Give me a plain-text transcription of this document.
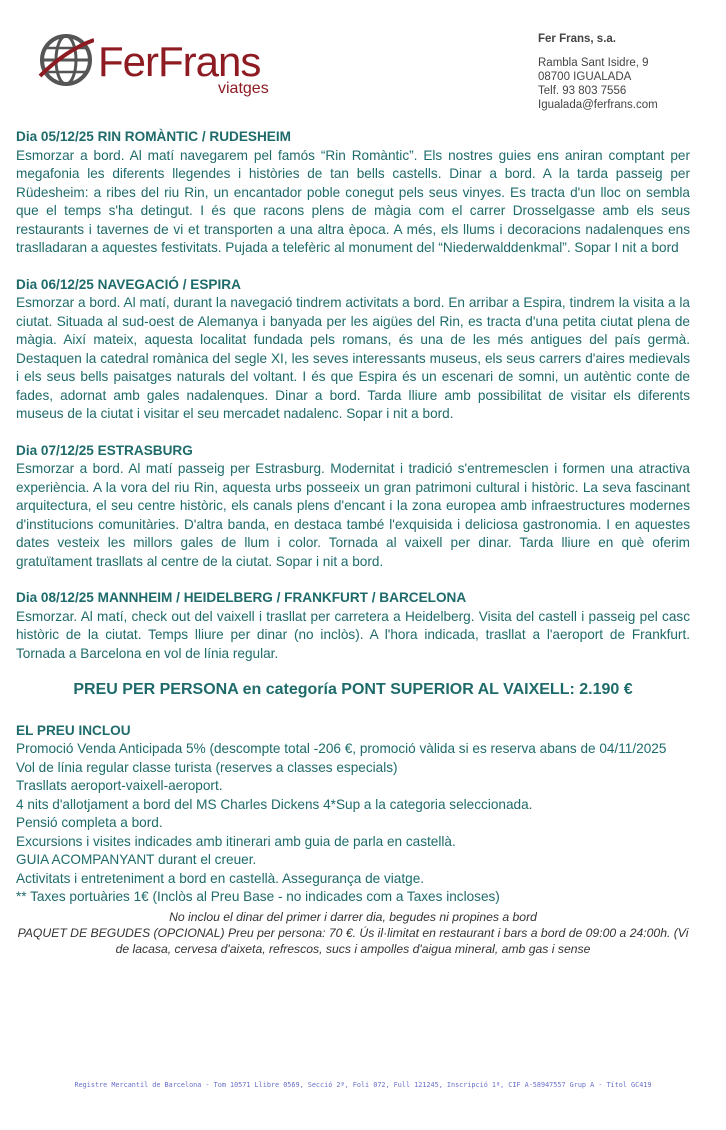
FerFrans
viatges
Fer Frans, s.a.
Rambla Sant Isidre, 9
08700 IGUALADA
Telf. 93 803 7556
Igualada@ferfrans.com
Dia 05/12/25 RIN ROMÀNTIC / RUDESHEIM
Esmorzar a bord. Al matí navegarem pel famós “Rin Romàntic”. Els nostres guies ens aniran comptant per megafonia les diferents llegendes i històries de tan bells castells. Dinar a bord. A la tarda passeig per Rüdesheim: a ribes del riu Rin, un encantador poble conegut pels seus vinyes. Es tracta d'un lloc on sembla que el temps s'ha detingut. I és que racons plens de màgia com el carrer Drosselgasse amb els seus restaurants i tavernes de vi et transporten a una altra època. A més, els llums i decoracions nadalenques ens traslladaran a aquestes festivitats. Pujada a telefèric al monument del “Niederwalddenkmal”. Sopar I nit a bord
Dia 06/12/25 NAVEGACIÓ / ESPIRA
Esmorzar a bord. Al matí, durant la navegació tindrem activitats a bord. En arribar a Espira, tindrem la visita a la ciutat. Situada al sud-oest de Alemanya i banyada per les aigües del Rin, es tracta d'una petita ciutat plena de màgia. Així mateix, aquesta localitat fundada pels romans, és una de les més antigues del país germà. Destaquen la catedral romànica del segle XI, les seves interessants museus, els seus carrers d'aires medievals i els seus bells paisatges naturals del voltant. I és que Espira és un escenari de somni, un autèntic conte de fades, adornat amb gales nadalenques. Dinar a bord. Tarda lliure amb possibilitat de visitar els diferents museus de la ciutat i visitar el seu mercadet nadalenc. Sopar i nit a bord.
Dia 07/12/25 ESTRASBURG
Esmorzar a bord. Al matí passeig per Estrasburg. Modernitat i tradició s'entremesclen i formen una atractiva experiència. A la vora del riu Rin, aquesta urbs posseeix un gran patrimoni cultural i històric. La seva fascinant arquitectura, el seu centre històric, els canals plens d'encant i la zona europea amb infraestructures modernes d'institucions comunitàries. D'altra banda, en destaca també l'exquisida i deliciosa gastronomia. I en aquestes dates vesteix les millors gales de llum i color. Tornada al vaixell per dinar. Tarda lliure en què oferim gratuïtament trasllats al centre de la ciutat. Sopar i nit a bord.
Dia 08/12/25 MANNHEIM / HEIDELBERG / FRANKFURT / BARCELONA
Esmorzar. Al matí, check out del vaixell i trasllat per carretera a Heidelberg. Visita del castell i passeig pel casc històric de la ciutat. Temps lliure per dinar (no inclòs). A l'hora indicada, trasllat a l'aeroport de Frankfurt. Tornada a Barcelona en vol de línia regular.
PREU PER PERSONA en categoría PONT SUPERIOR AL VAIXELL: 2.190 €
EL PREU INCLOU
Promoció Venda Anticipada 5% (descompte total -206 €, promoció vàlida si es reserva abans de 04/11/2025
Vol de línia regular classe turista (reserves a classes especials)
Trasllats aeroport-vaixell-aeroport.
4 nits d'allotjament a bord del MS Charles Dickens 4*Sup a la categoria seleccionada.
Pensió completa a bord.
Excursions i visites indicades amb itinerari amb guia de parla en castellà.
GUIA ACOMPANYANT durant el creuer.
Activitats i entreteniment a bord en castellà. Assegurança de viatge.
** Taxes portuàries 1€ (Inclòs al Preu Base - no indicades com a Taxes incloses)
No inclou el dinar del primer i darrer dia, begudes ni propines a bord
PAQUET DE BEGUDES (OPCIONAL) Preu per persona: 70 €. Ús il·limitat en restaurant i bars a bord de 09:00 a 24:00h. (Vi de lacasa, cervesa d'aixeta, refrescos, sucs i ampolles d'aigua mineral, amb gas i sense
Registre Mercantil de Barcelona - Tom 10571 Llibre 0569, Secció 2ª, Foli 072, Full 121245, Inscripció 1ª, CIF A-58947557 Grup A - Títol GC419
